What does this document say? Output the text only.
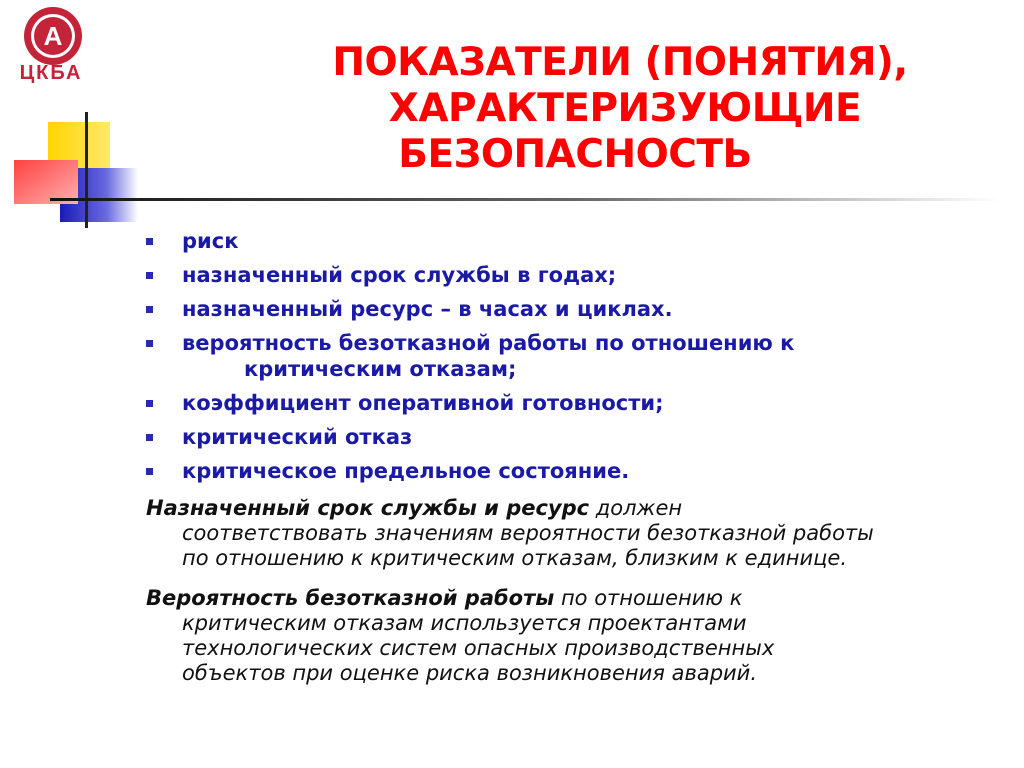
А
ЦКБА	ПОКАЗАТЕЛИ (ПОНЯТИЯ),
ХАРАКТЕРИЗУЮЩИЕ
БЕЗОПАСНОСТЬ
риск
назначенный срок службы в годах;
назначенный ресурс – в часах и циклах.
вероятность безотказной работы по отношению к
критическим отказам;
коэффициент оперативной готовности;
критический отказ
критическое предельное состояние.
Назначенный срок службы и ресурс должен
соответствовать значениям вероятности безотказной работы
по отношению к критическим отказам, близким к единице.
Вероятность безотказной работы по отношению к
критическим отказам используется проектантами
технологических систем опасных производственных
объектов при оценке риска возникновения аварий.
